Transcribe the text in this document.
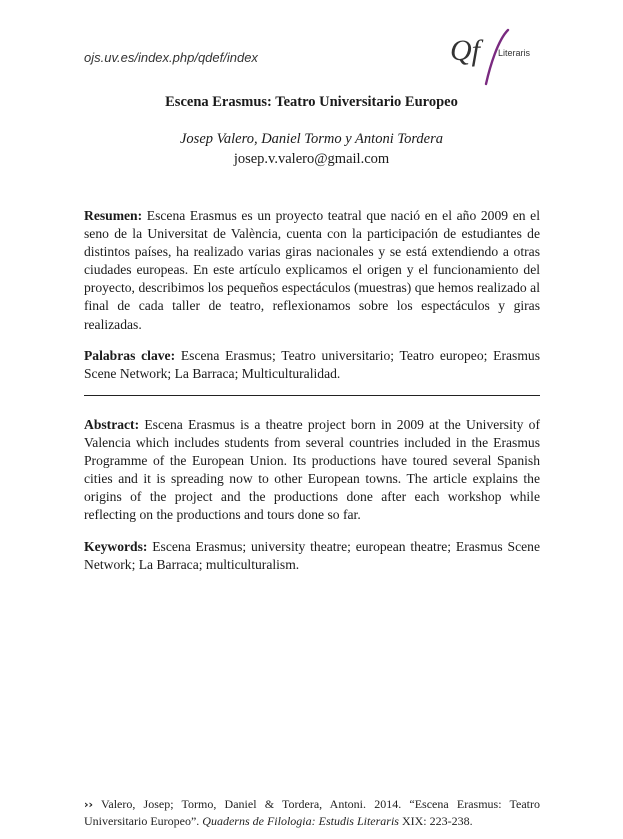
ojs.uv.es/index.php/qdef/index	Qf	Literaris
Escena Erasmus: Teatro Universitario Europeo
Josep Valero, Daniel Tormo y Antoni Tordera
josep.v.valero@gmail.com

Resumen: Escena Erasmus es un proyecto teatral que nació en el año 2009 en el seno de la Universitat de València, cuenta con la participación de estudiantes de distintos países, ha realizado varias giras nacionales y se está extendiendo a otras ciudades europeas. En este artículo explicamos el origen y el funcionamiento del proyecto, describimos los pequeños espectáculos (muestras) que hemos realizado al final de cada taller de teatro, reflexionamos sobre los espectáculos y giras realizadas.

Palabras clave: Escena Erasmus; Teatro universitario; Teatro europeo; Erasmus Scene Network; La Barraca; Multiculturalidad.

Abstract: Escena Erasmus is a theatre project born in 2009 at the University of Valencia which includes students from several countries included in the Erasmus Programme of the European Union. Its productions have toured several Spanish cities and it is spreading now to other European towns. The article explains the origins of the project and the productions done after each workshop while reflecting on the productions and tours done so far.

Keywords: Escena Erasmus; university theatre; european theatre; Erasmus Scene Network; La Barraca; multiculturalism.

›› Valero, Josep; Tormo, Daniel & Tordera, Antoni. 2014. “Escena Erasmus: Teatro Universitario Europeo”. Quaderns de Filologia: Estudis Literaris XIX: 223-238.
